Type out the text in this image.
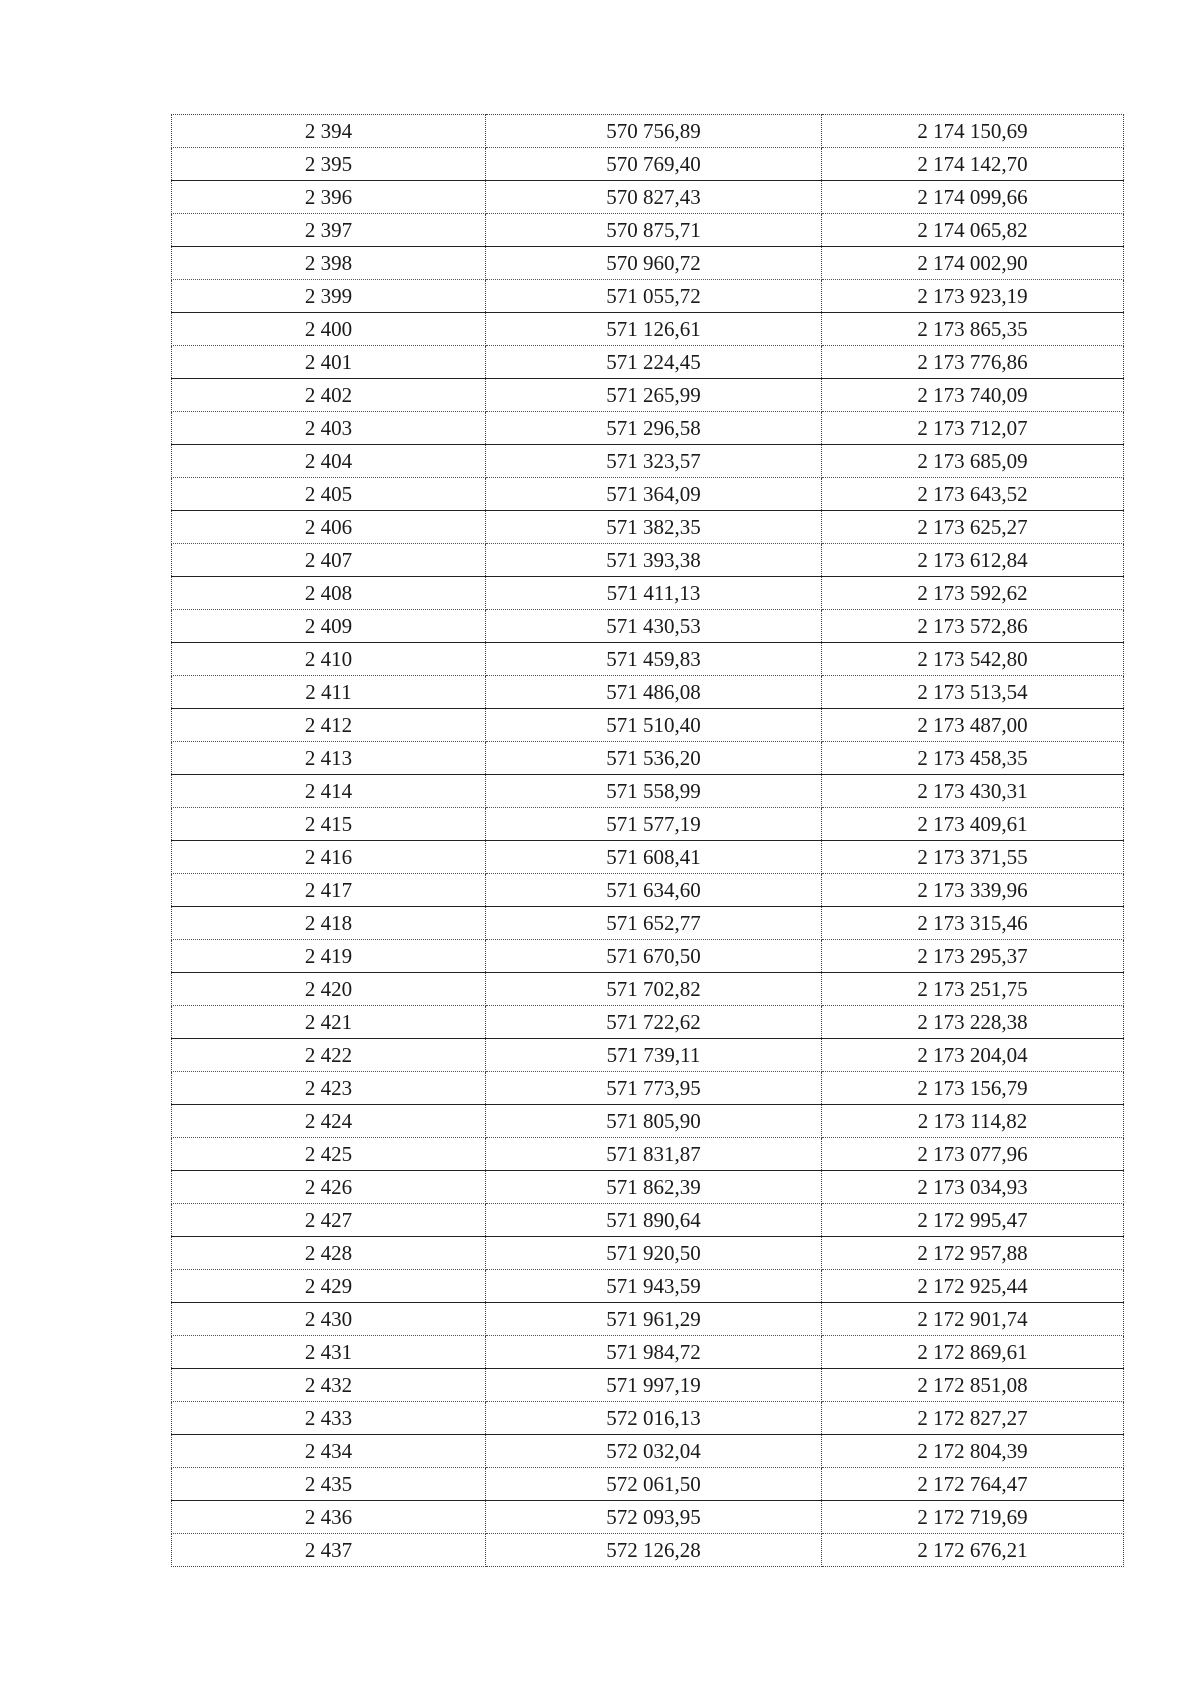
2 394	570 756,89	2 174 150,69
2 395	570 769,40	2 174 142,70
2 396	570 827,43	2 174 099,66
2 397	570 875,71	2 174 065,82
2 398	570 960,72	2 174 002,90
2 399	571 055,72	2 173 923,19
2 400	571 126,61	2 173 865,35
2 401	571 224,45	2 173 776,86
2 402	571 265,99	2 173 740,09
2 403	571 296,58	2 173 712,07
2 404	571 323,57	2 173 685,09
2 405	571 364,09	2 173 643,52
2 406	571 382,35	2 173 625,27
2 407	571 393,38	2 173 612,84
2 408	571 411,13	2 173 592,62
2 409	571 430,53	2 173 572,86
2 410	571 459,83	2 173 542,80
2 411	571 486,08	2 173 513,54
2 412	571 510,40	2 173 487,00
2 413	571 536,20	2 173 458,35
2 414	571 558,99	2 173 430,31
2 415	571 577,19	2 173 409,61
2 416	571 608,41	2 173 371,55
2 417	571 634,60	2 173 339,96
2 418	571 652,77	2 173 315,46
2 419	571 670,50	2 173 295,37
2 420	571 702,82	2 173 251,75
2 421	571 722,62	2 173 228,38
2 422	571 739,11	2 173 204,04
2 423	571 773,95	2 173 156,79
2 424	571 805,90	2 173 114,82
2 425	571 831,87	2 173 077,96
2 426	571 862,39	2 173 034,93
2 427	571 890,64	2 172 995,47
2 428	571 920,50	2 172 957,88
2 429	571 943,59	2 172 925,44
2 430	571 961,29	2 172 901,74
2 431	571 984,72	2 172 869,61
2 432	571 997,19	2 172 851,08
2 433	572 016,13	2 172 827,27
2 434	572 032,04	2 172 804,39
2 435	572 061,50	2 172 764,47
2 436	572 093,95	2 172 719,69
2 437	572 126,28	2 172 676,21
